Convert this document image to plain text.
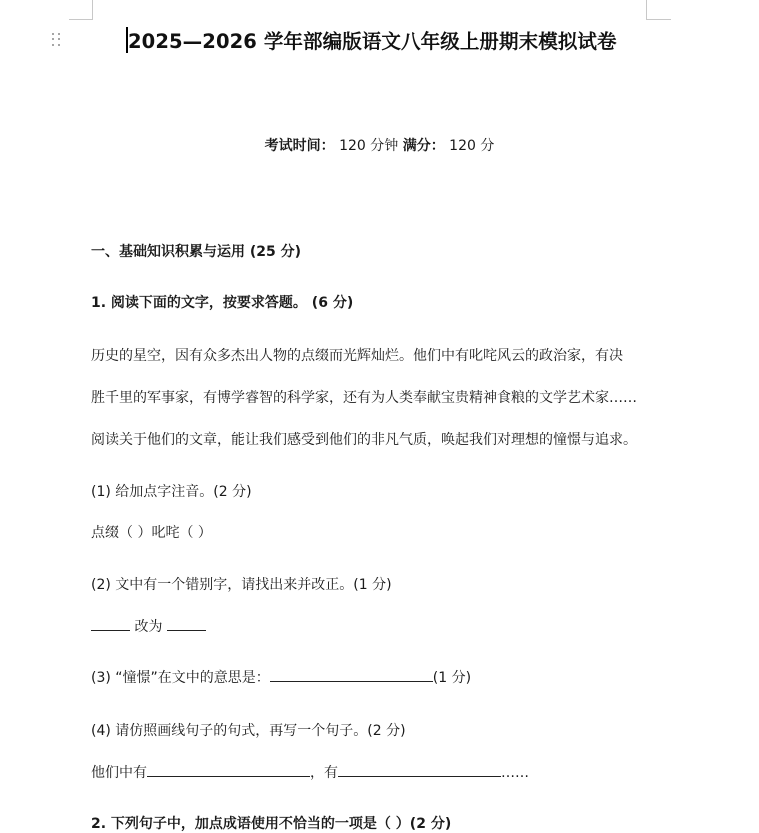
2025—2026 学年部编版语文八年级上册期末模拟试卷
考试时间： 120 分钟 满分： 120 分
一、基础知识积累与运用 (25 分)
1. 阅读下面的文字，按要求答题。 (6 分)
历史的星空，因有众多杰出人物的点缀而光辉灿烂。他们中有叱咤风云的政治家，有决
胜千里的军事家，有博学睿智的科学家，还有为人类奉献宝贵精神食粮的文学艺术家……
阅读关于他们的文章，能让我们感受到他们的非凡气质，唤起我们对理想的憧憬与追求。
(1) 给加点字注音。(2 分)
点缀（ ）叱咤（ ）
(2) 文中有一个错别字，请找出来并改正。(1 分)
改为
(3) “憧憬”在文中的意思是：	(1 分)
(4) 请仿照画线句子的句式，再写一个句子。(2 分)
他们中有	，有	……
2. 下列句子中，加点成语使用不恰当的一项是（ ）(2 分)
